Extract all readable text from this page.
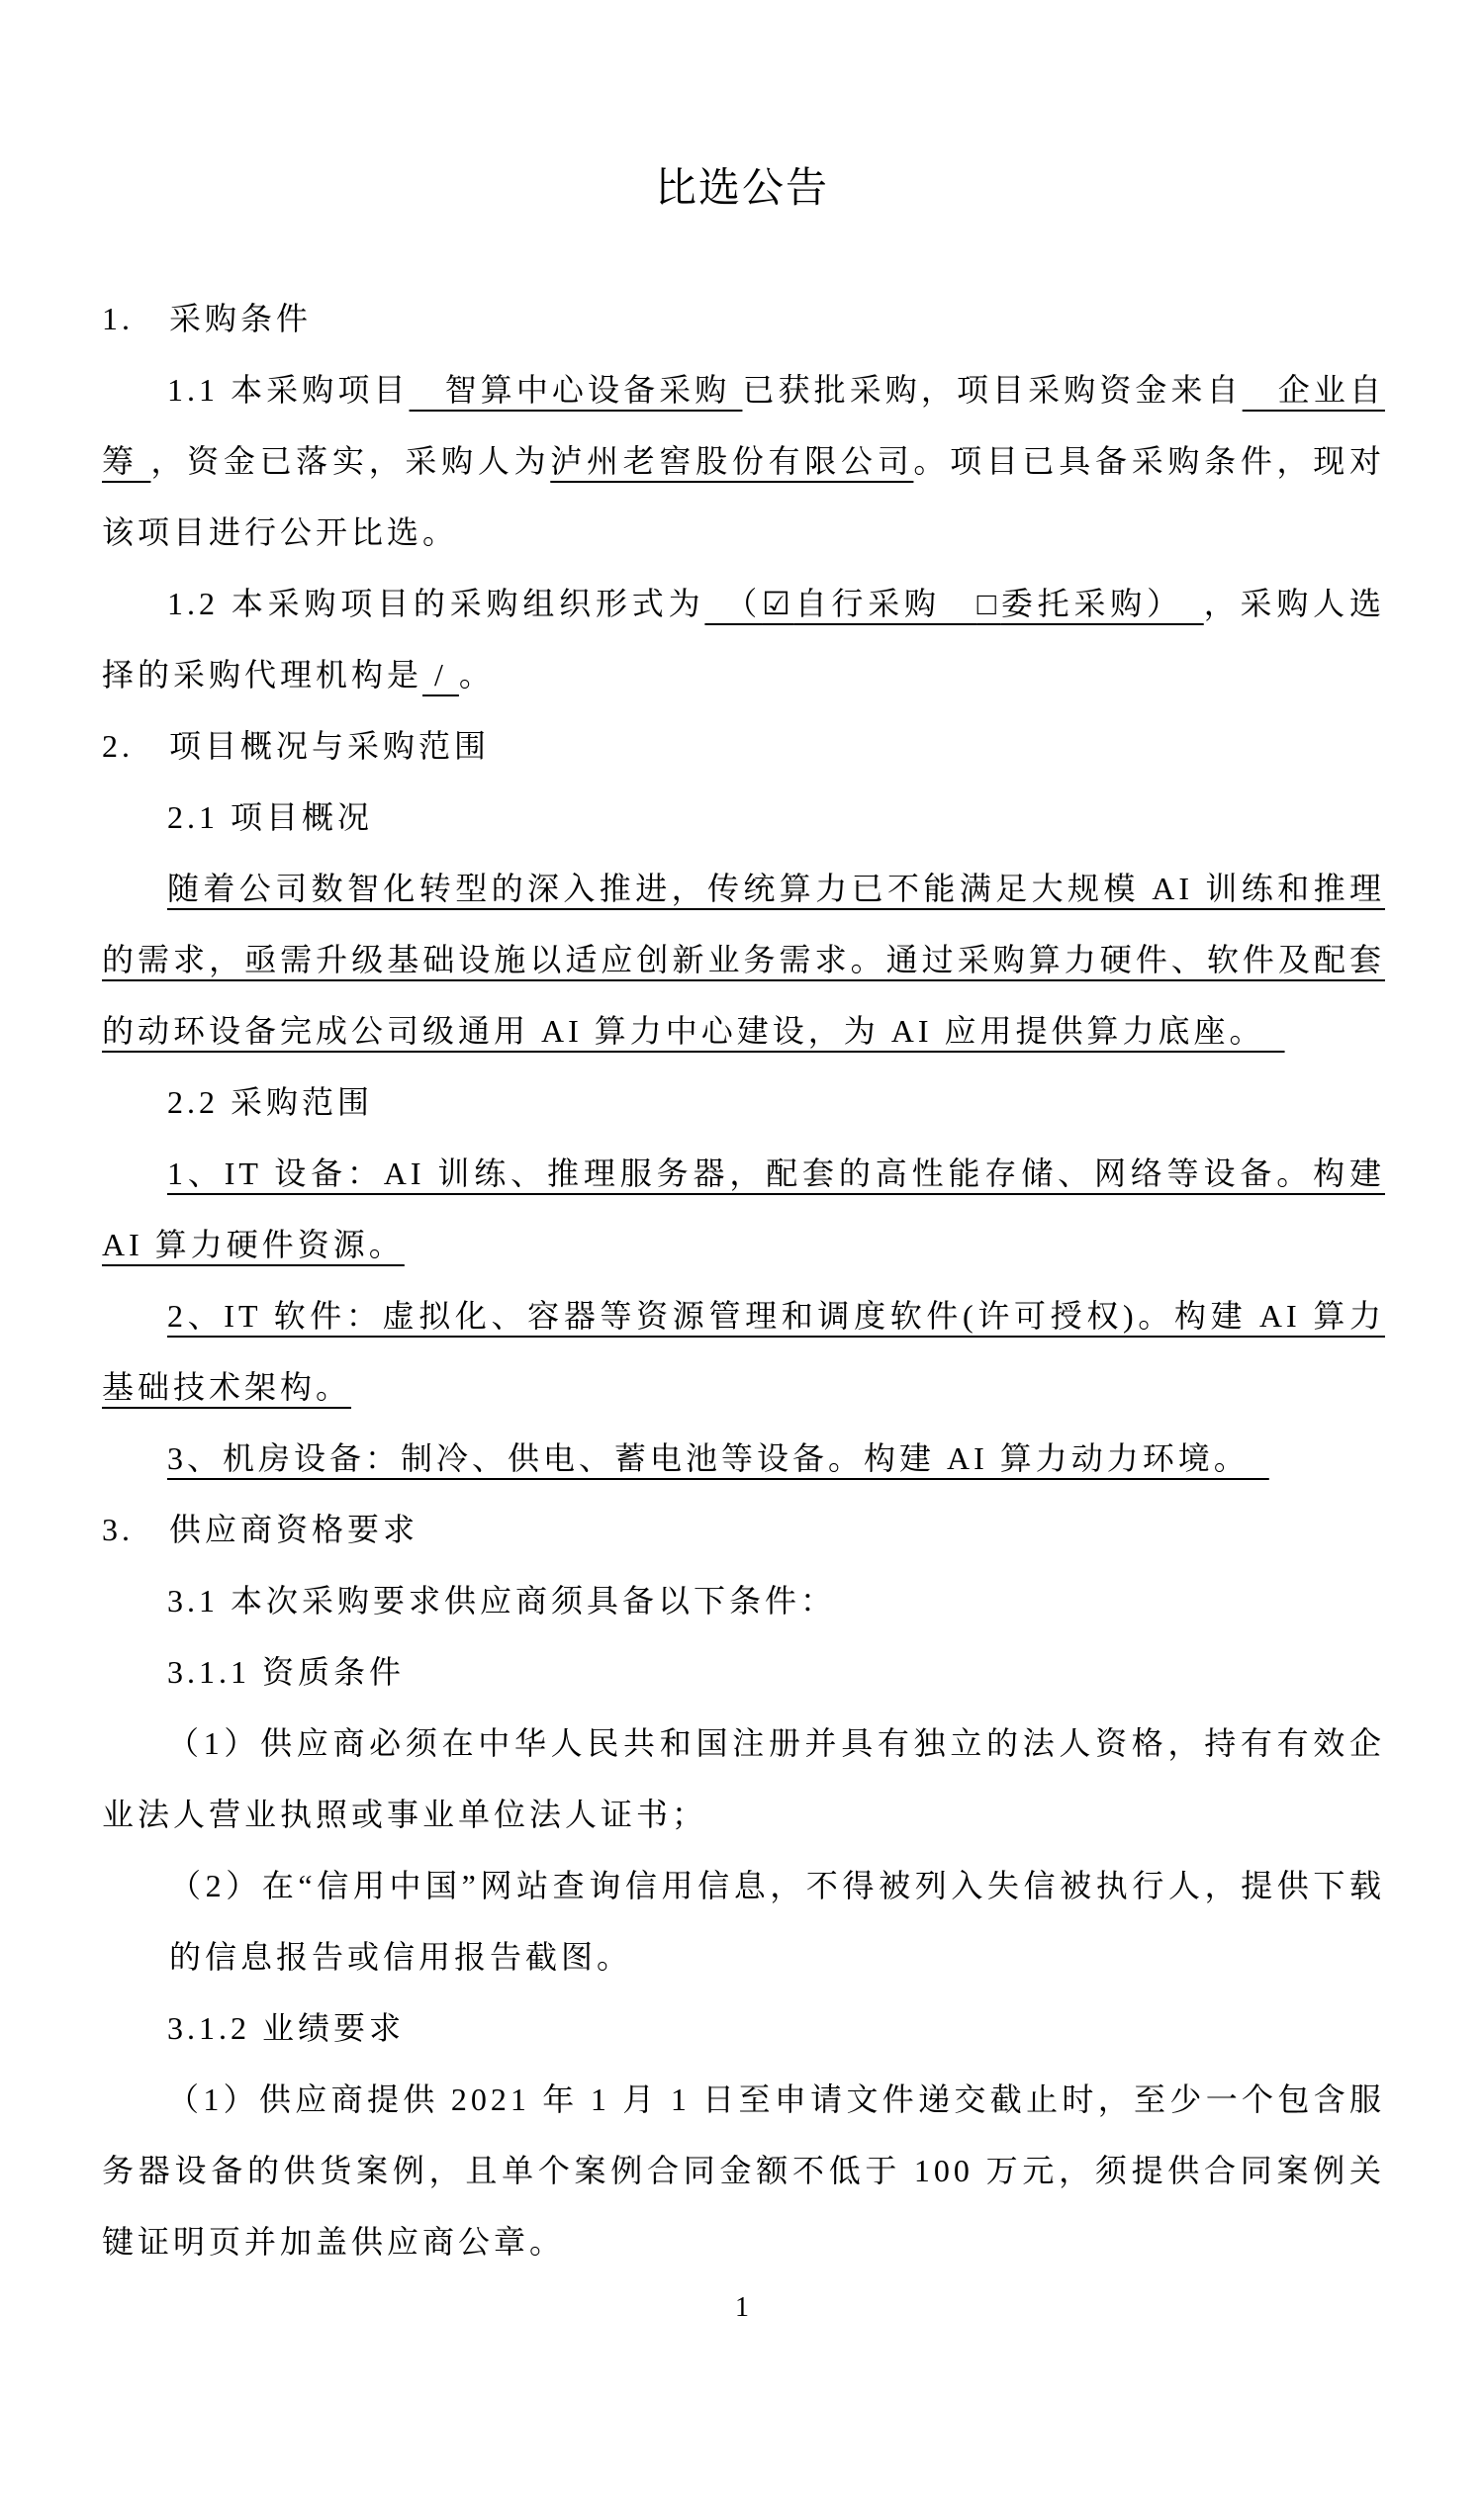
比选公告

1.　采购条件

1.1 本采购项目　智算中心设备采购 已获批采购，项目采购资金来自　企业自筹 ，资金已落实，采购人为泸州老窖股份有限公司。项目已具备采购条件，现对该项目进行公开比选。

1.2 本采购项目的采购组织形式为　（☑自行采购　□委托采购）　，采购人选择的采购代理机构是 / 。

2.　项目概况与采购范围

2.1 项目概况

随着公司数智化转型的深入推进，传统算力已不能满足大规模 AI 训练和推理的需求，亟需升级基础设施以适应创新业务需求。通过采购算力硬件、软件及配套的动环设备完成公司级通用 AI 算力中心建设，为 AI 应用提供算力底座。　

2.2 采购范围

1、IT 设备：AI 训练、推理服务器，配套的高性能存储、网络等设备。构建 AI 算力硬件资源。

2、IT 软件：虚拟化、容器等资源管理和调度软件(许可授权)。构建 AI 算力基础技术架构。

3、机房设备：制冷、供电、蓄电池等设备。构建 AI 算力动力环境。　

3.　供应商资格要求

3.1 本次采购要求供应商须具备以下条件：

3.1.1 资质条件

（1）供应商必须在中华人民共和国注册并具有独立的法人资格，持有有效企业法人营业执照或事业单位法人证书；

（2）在“信用中国”网站查询信用信息，不得被列入失信被执行人，提供下载的信息报告或信用报告截图。

3.1.2 业绩要求

（1）供应商提供 2021 年 1 月 1 日至申请文件递交截止时，至少一个包含服务器设备的供货案例，且单个案例合同金额不低于 100 万元，须提供合同案例关键证明页并加盖供应商公章。

1
